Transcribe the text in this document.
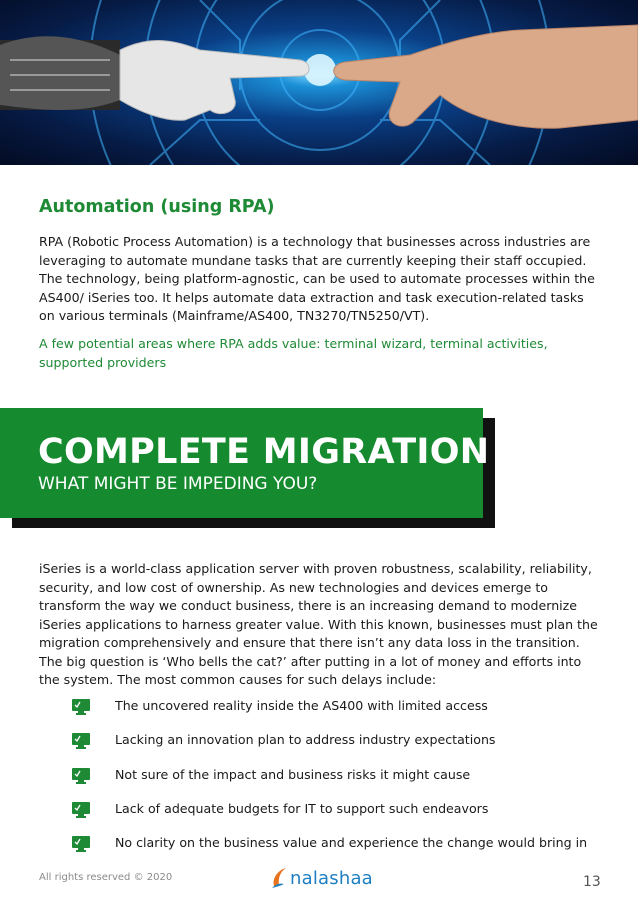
Automation (using RPA)

RPA (Robotic Process Automation) is a technology that businesses across industries are leveraging to automate mundane tasks that are currently keeping their staff occupied. The technology, being platform-agnostic, can be used to automate processes within the AS400/ iSeries too. It helps automate data extraction and task execution-related tasks on various terminals (Mainframe/AS400, TN3270/TN5250/VT).

A few potential areas where RPA adds value: terminal wizard, terminal activities, supported providers

COMPLETE MIGRATION
WHAT MIGHT BE IMPEDING YOU?

iSeries is a world-class application server with proven robustness, scalability, reliability, security, and low cost of ownership. As new technologies and devices emerge to transform the way we conduct business, there is an increasing demand to modernize iSeries applications to harness greater value. With this known, businesses must plan the migration comprehensively and ensure that there isn’t any data loss in the transition. The big question is ‘Who bells the cat?’ after putting in a lot of money and efforts into the system. The most common causes for such delays include:

The uncovered reality inside the AS400 with limited access
Lacking an innovation plan to address industry expectations
Not sure of the impact and business risks it might cause
Lack of adequate budgets for IT to support such endeavors
No clarity on the business value and experience the change would bring in
All rights reserved © 2020	nalashaa	13
